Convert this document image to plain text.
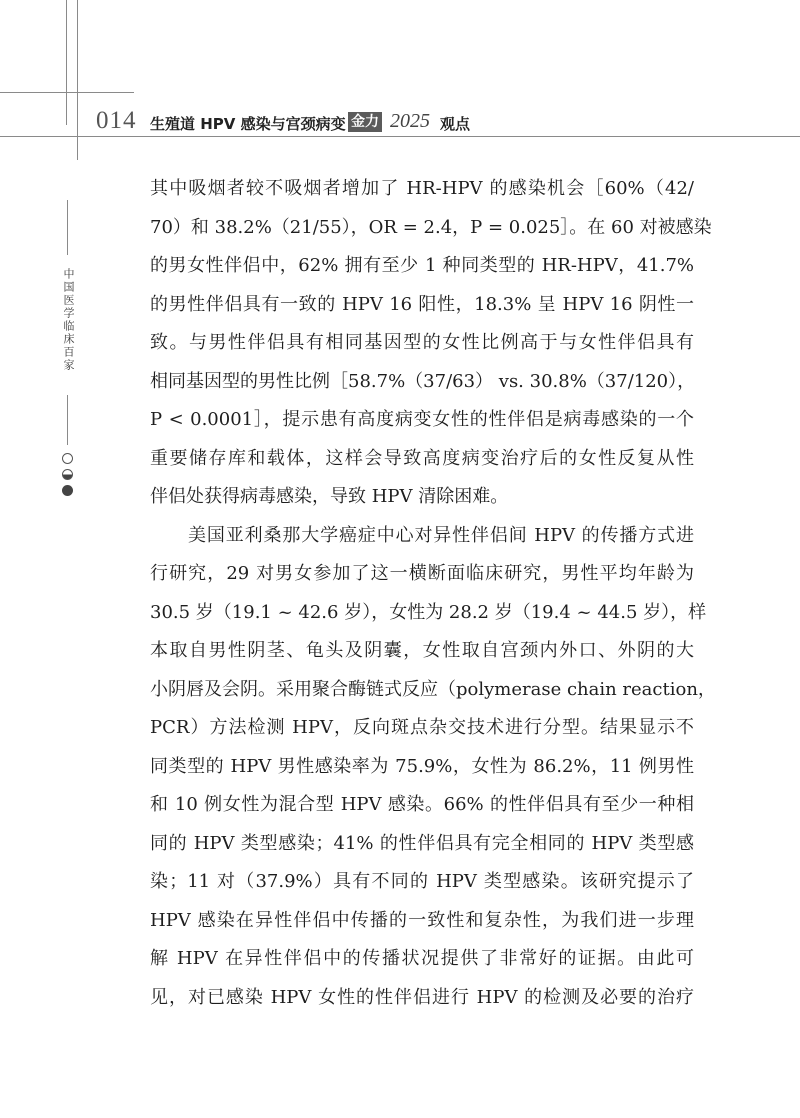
014 生殖道 HPV 感染与宫颈病变 金力 2025 观点
中国医学临床百家
其中吸烟者较不吸烟者增加了 HR-HPV 的感染机会［60%（42/
70）和 38.2%（21/55），OR = 2.4，P = 0.025］。在 60 对被感染
的男女性伴侣中，62% 拥有至少 1 种同类型的 HR-HPV，41.7%
的男性伴侣具有一致的 HPV 16 阳性，18.3% 呈 HPV 16 阴性一
致。与男性伴侣具有相同基因型的女性比例高于与女性伴侣具有
相同基因型的男性比例［58.7%（37/63） vs. 30.8%（37/120），
P < 0.0001］，提示患有高度病变女性的性伴侣是病毒感染的一个
重要储存库和载体，这样会导致高度病变治疗后的女性反复从性
伴侣处获得病毒感染，导致 HPV 清除困难。
美国亚利桑那大学癌症中心对异性伴侣间 HPV 的传播方式进
行研究，29 对男女参加了这一横断面临床研究，男性平均年龄为
30.5 岁（19.1 ~ 42.6 岁），女性为 28.2 岁（19.4 ~ 44.5 岁），样
本取自男性阴茎、龟头及阴囊，女性取自宫颈内外口、外阴的大
小阴唇及会阴。采用聚合酶链式反应（polymerase chain reaction，
PCR）方法检测 HPV，反向斑点杂交技术进行分型。结果显示不
同类型的 HPV 男性感染率为 75.9%，女性为 86.2%，11 例男性
和 10 例女性为混合型 HPV 感染。66% 的性伴侣具有至少一种相
同的 HPV 类型感染；41% 的性伴侣具有完全相同的 HPV 类型感
染；11 对（37.9%）具有不同的 HPV 类型感染。该研究提示了
HPV 感染在异性伴侣中传播的一致性和复杂性，为我们进一步理
解 HPV 在异性伴侣中的传播状况提供了非常好的证据。由此可
见，对已感染 HPV 女性的性伴侣进行 HPV 的检测及必要的治疗
